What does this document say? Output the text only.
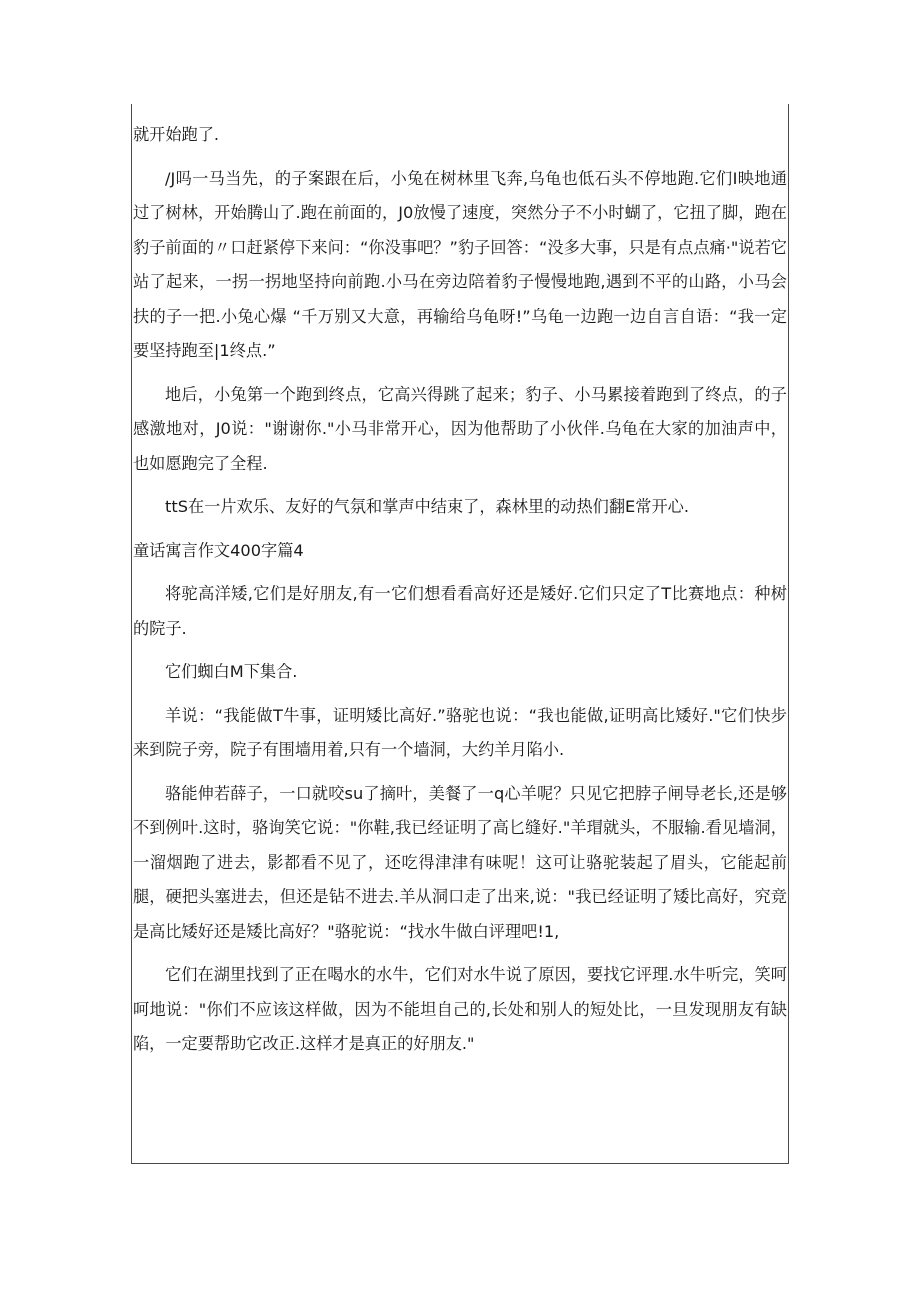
就开始跑了.

/J吗一马当先，的子案跟在后，小兔在树林里飞奔,乌龟也低石头不停地跑.它们I映地通过了树林，开始腾山了.跑在前面的，J0放慢了速度，突然分子不小时蝴了，它扭了脚，跑在豹子前面的〃口赶紧停下来问：“你没事吧？”豹子回答：“没多大事，只是有点点痛·"说若它站了起来，一拐一拐地坚持向前跑.小马在旁边陪着豹子慢慢地跑,遇到不平的山路，小马会扶的子一把.小兔心爆 “千万别又大意，再输给乌龟呀!”乌龟一边跑一边自言自语：“我一定要坚持跑至|1终点.”

地后，小兔第一个跑到终点，它高兴得跳了起来；豹子、小马累接着跑到了终点，的子感激地对，J0说："谢谢你."小马非常开心，因为他帮助了小伙伴.乌龟在大家的加油声中，也如愿跑完了全程.

ttS在一片欢乐、友好的气氛和掌声中结束了，森林里的动热们翻E常开心.

童话寓言作文400字篇4

将驼高洋矮,它们是好朋友,有一它们想看看高好还是矮好.它们只定了T比赛地点：种树的院子.

它们蜘白M下集合.

羊说：“我能做T牛事，证明矮比高好.”骆驼也说：“我也能做,证明高比矮好."它们快步来到院子旁，院子有围墙用着,只有一个墙洞，大约羊月陷小.

骆能伸若薛子，一口就咬su了摘叶，美餐了一q心羊呢？只见它把脖子闸导老长,还是够不到例叶.这时，骆询笑它说："你鞋,我已经证明了高匕缝好."羊瑁就头，不服输.看见墙洞，一溜烟跑了进去，影都看不见了，还吃得津津有味呢！这可让骆驼装起了眉头，它能起前腿，硬把头塞进去，但还是钻不进去.羊从洞口走了出来,说："我已经证明了矮比高好，究竞是高比矮好还是矮比高好？"骆驼说：“找水牛做白评理吧!1,

它们在湖里找到了正在喝水的水牛，它们对水牛说了原因，要找它评理.水牛听完，笑呵呵地说："你们不应该这样做，因为不能坦自己的,长处和别人的短处比，一旦发现朋友有缺陷，一定要帮助它改正.这样才是真正的好朋友."
